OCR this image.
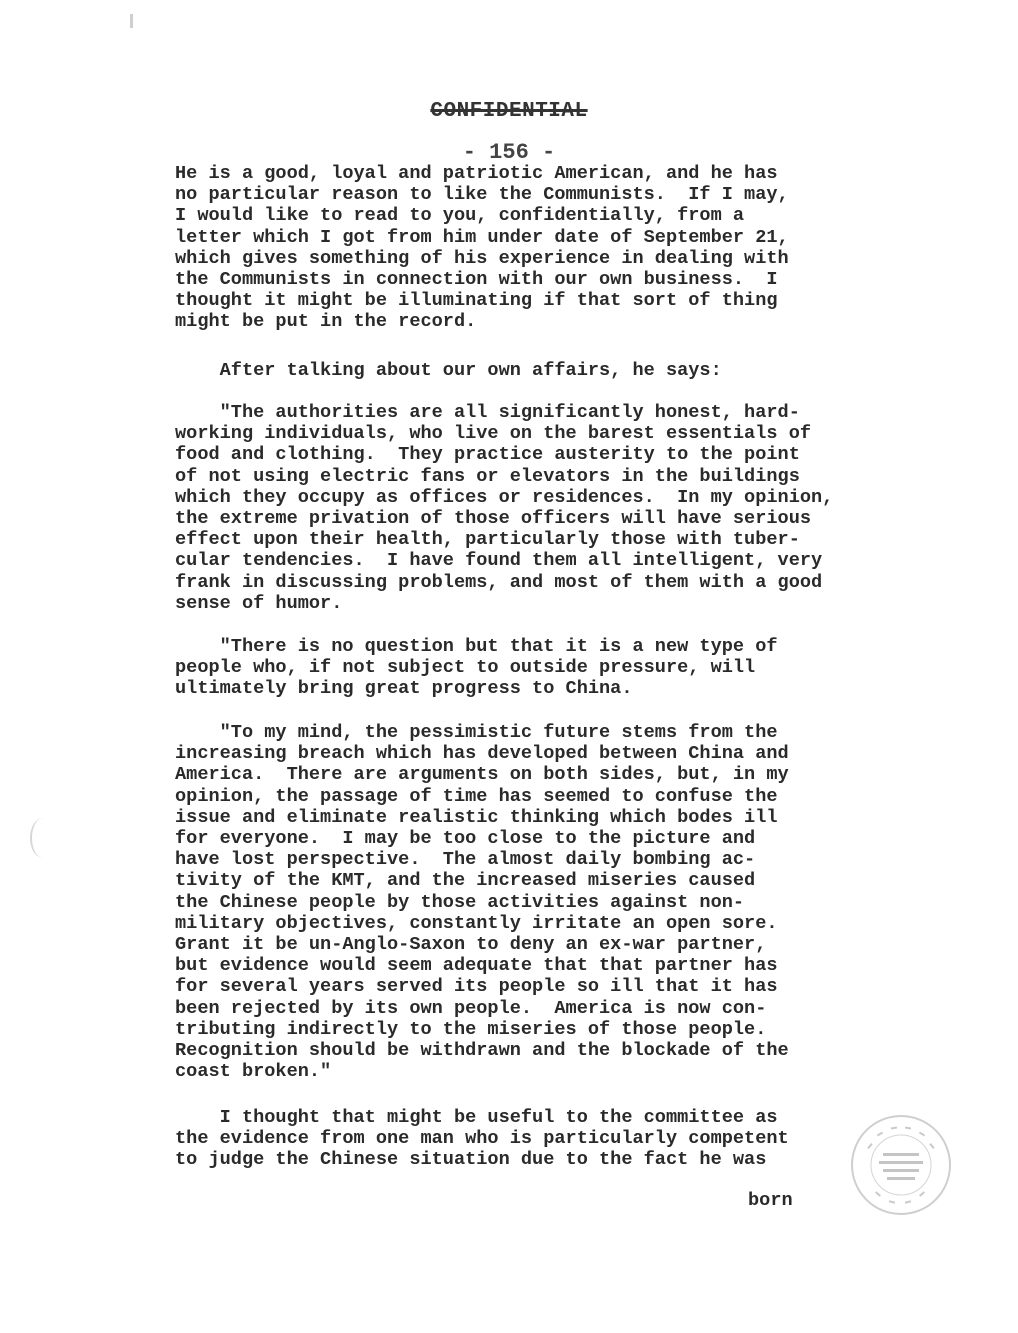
CONFIDENTIAL
- 156 -
He is a good, loyal and patriotic American, and he has
no particular reason to like the Communists.  If I may,
I would like to read to you, confidentially, from a
letter which I got from him under date of September 21,
which gives something of his experience in dealing with
the Communists in connection with our own business.  I
thought it might be illuminating if that sort of thing
might be put in the record.
After talking about our own affairs, he says:
"The authorities are all significantly honest, hard-
working individuals, who live on the barest essentials of
food and clothing.  They practice austerity to the point
of not using electric fans or elevators in the buildings
which they occupy as offices or residences.  In my opinion,
the extreme privation of those officers will have serious
effect upon their health, particularly those with tuber-
cular tendencies.  I have found them all intelligent, very
frank in discussing problems, and most of them with a good
sense of humor.
"There is no question but that it is a new type of
people who, if not subject to outside pressure, will
ultimately bring great progress to China.
"To my mind, the pessimistic future stems from the
increasing breach which has developed between China and
America.  There are arguments on both sides, but, in my
opinion, the passage of time has seemed to confuse the
issue and eliminate realistic thinking which bodes ill
for everyone.  I may be too close to the picture and
have lost perspective.  The almost daily bombing ac-
tivity of the KMT, and the increased miseries caused
the Chinese people by those activities against non-
military objectives, constantly irritate an open sore.
Grant it be un-Anglo-Saxon to deny an ex-war partner,
but evidence would seem adequate that that partner has
for several years served its people so ill that it has
been rejected by its own people.  America is now con-
tributing indirectly to the miseries of those people.
Recognition should be withdrawn and the blockade of the
coast broken."
I thought that might be useful to the committee as
the evidence from one man who is particularly competent
to judge the Chinese situation due to the fact he was
born
